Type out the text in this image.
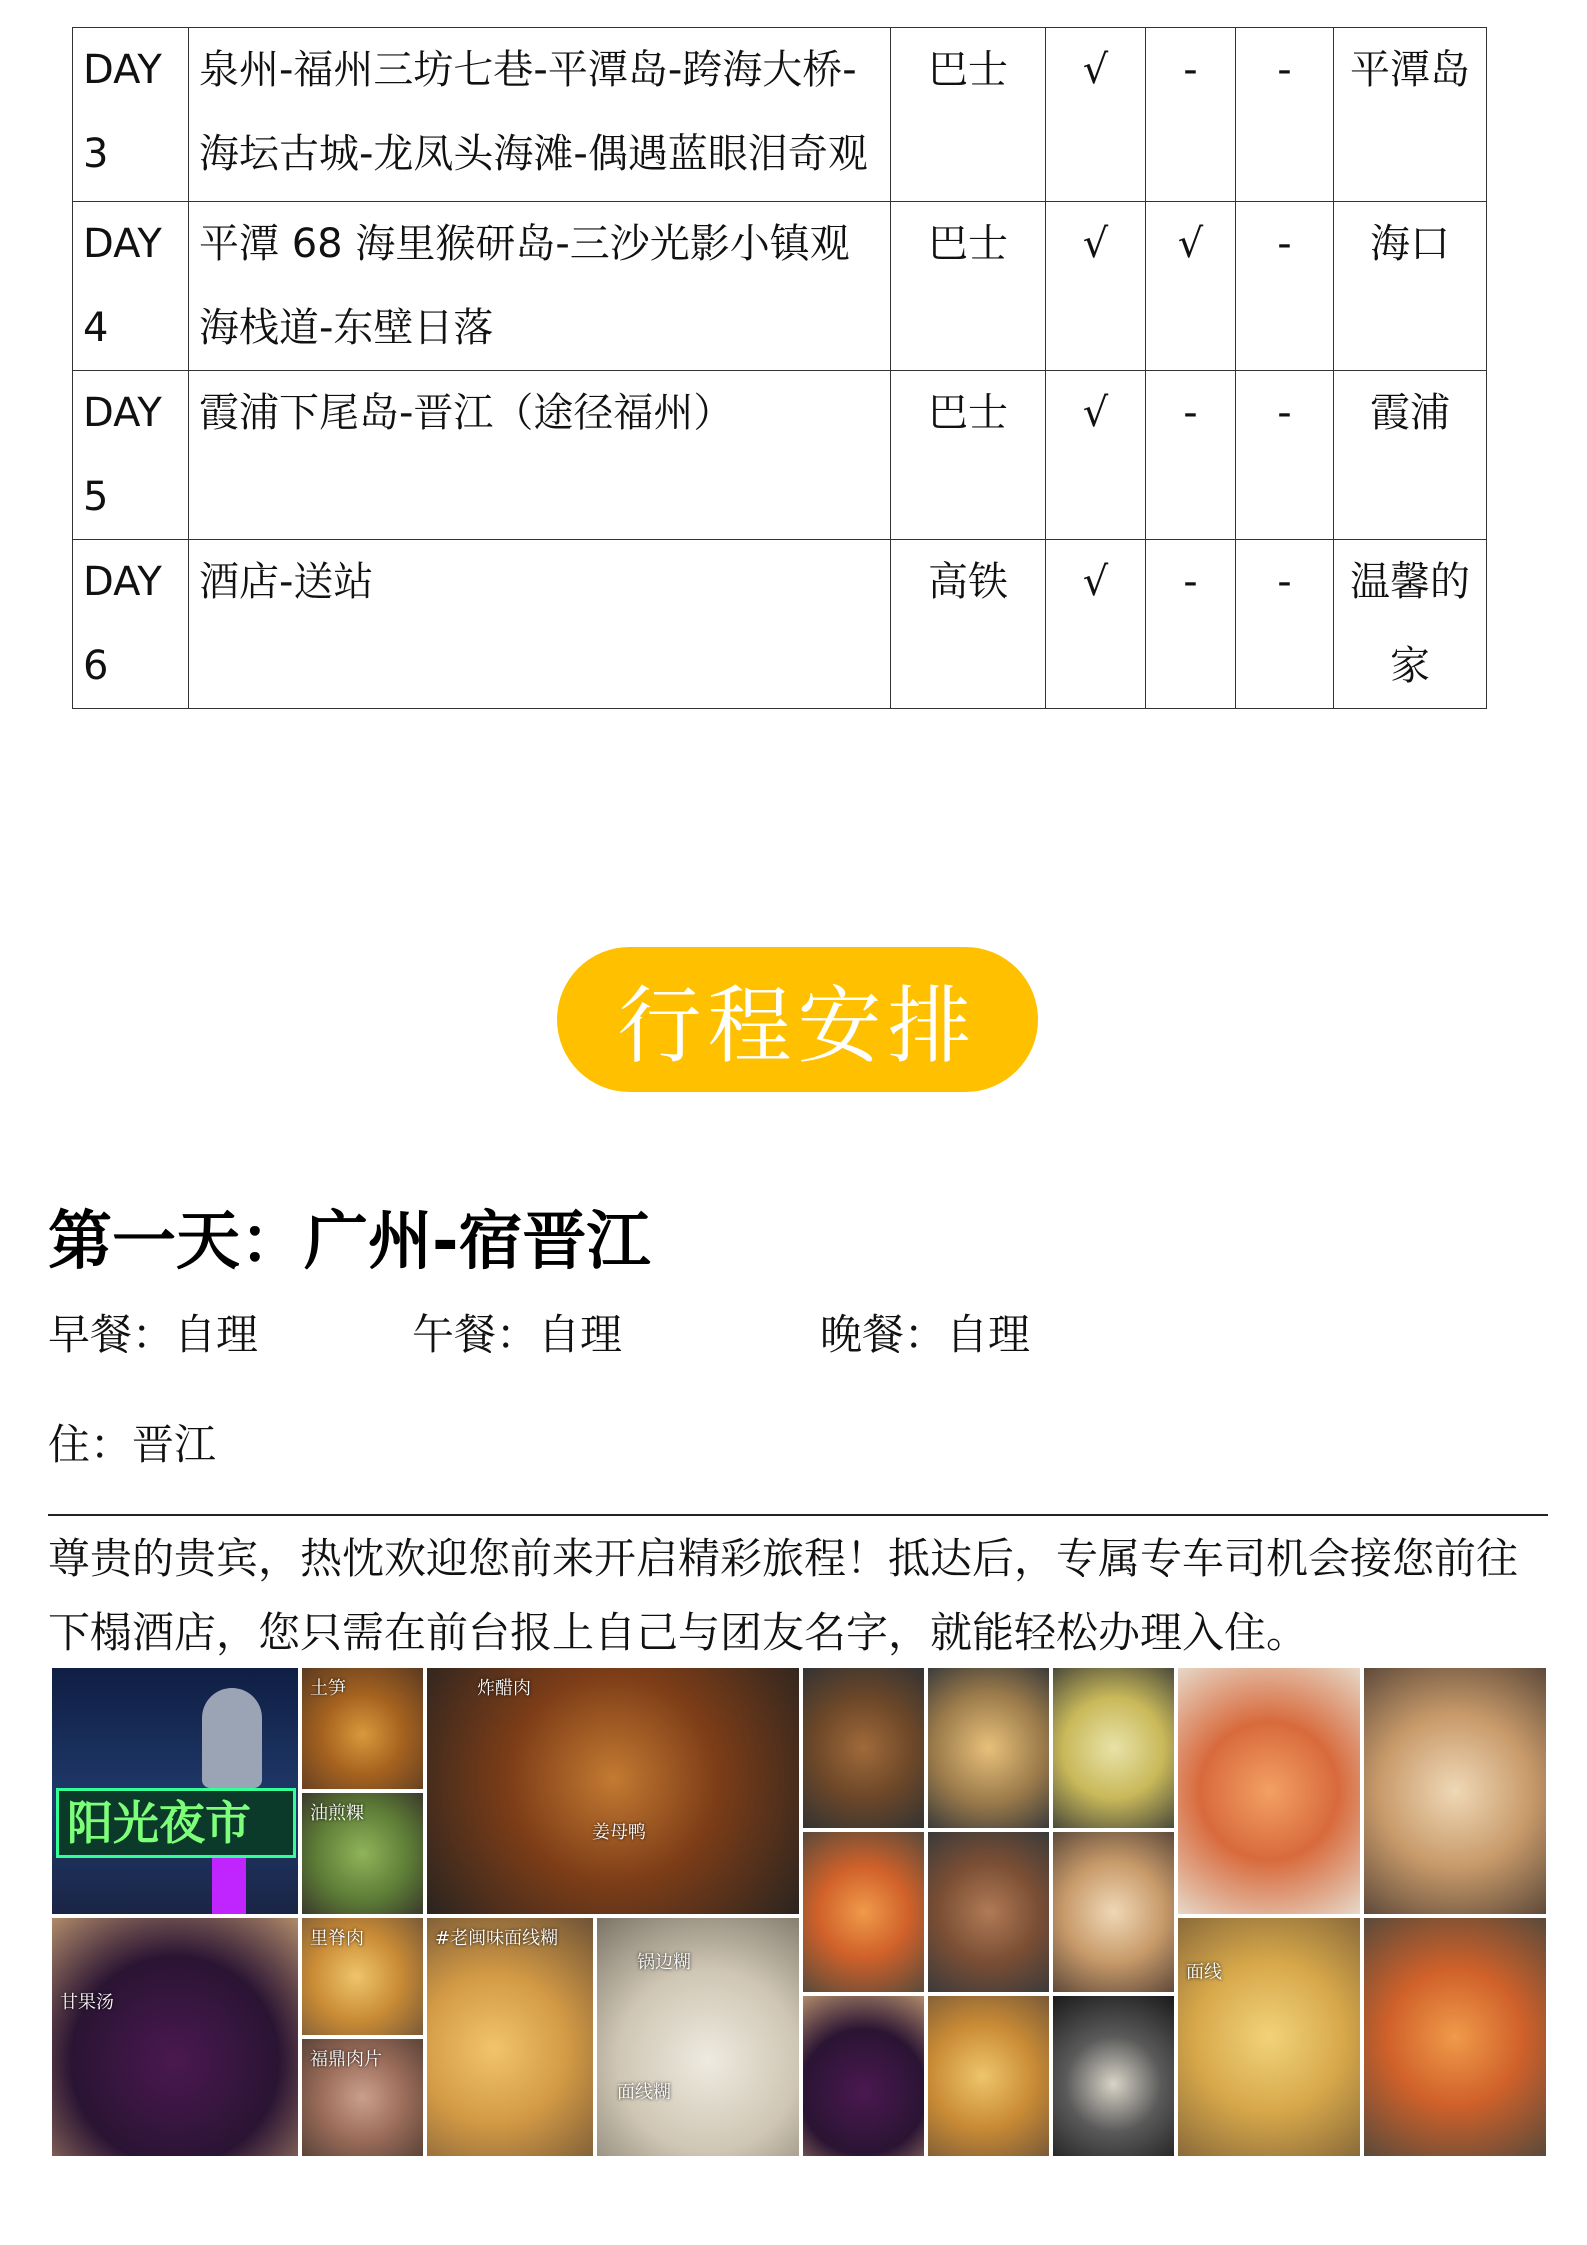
DAY3	泉州-福州三坊七巷-平潭岛-跨海大桥-海坛古城-龙凤头海滩-偶遇蓝眼泪奇观	巴士	√	-	-	平潭岛
DAY4	平潭 68 海里猴研岛-三沙光影小镇观海栈道-东壁日落	巴士	√	√	-	海口
DAY5	霞浦下尾岛-晋江（途径福州）	巴士	√	-	-	霞浦
DAY6	酒店-送站	高铁	√	-	-	温馨的家
行程安排
第一天：广州-宿晋江
早餐：自理	午餐：自理	晚餐：自理
住：晋江
尊贵的贵宾，热忱欢迎您前来开启精彩旅程！抵达后，专属专车司机会接您前往下榻酒店，您只需在前台报上自己与团友名字，就能轻松办理入住。
阳光夜市
甘果汤
土笋
油煎粿
里脊肉
福鼎肉片
炸醋肉
姜母鸭
#老闽味面线糊
锅边糊
面线糊
面线
